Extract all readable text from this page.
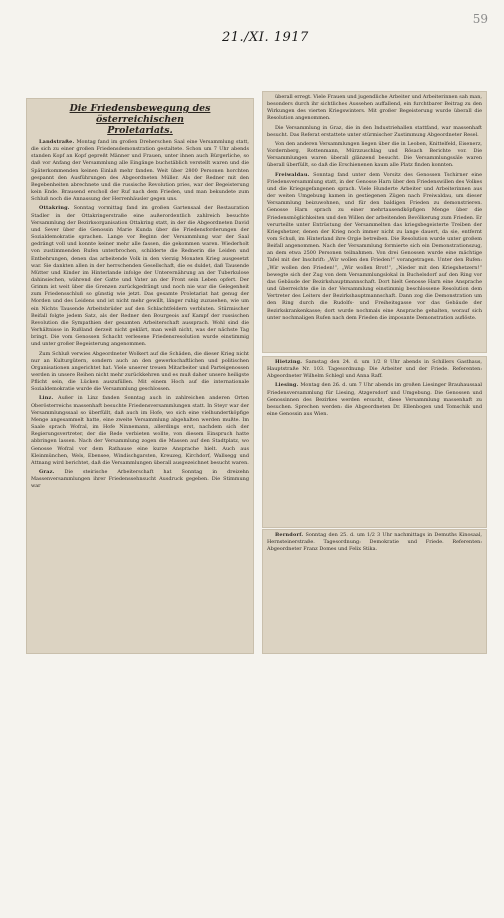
59
21./XI. 1917
Die Friedensbewegung des österreichischen
Proletariats.

Landstraße. Montag fand im großen Dreherschen Saal eine Versammlung statt, die sich zu einer großen Friedensdemonstration gestaltete. Schon um 7 Uhr abends standen Kopf an Kopf gepreßt Männer und Frauen, unter ihnen auch Bürgerliche, so daß vor Anfang der Versammlung alle Eingänge buchstäblich verstellt waren und die Späterkommenden keinen Einlaß mehr fanden. Weit über 2800 Personen horchten gespannt den Ausführungen des Abgeordneten Müller. Als der Redner mit den Begebenheiten abrechnete und die russische Revolution pries, war der Begeisterung kein Ende. Brausend erscholl der Ruf nach dem Frieden, und man bekundete zum Schluß noch die Annassung der Herrenhäusler gegen uns.

Ottakring. Sonntag vormittag fand im großen Gartensaal der Restauration Stadler in der Ottakringerstraße eine außerordentlich zahlreich besuchte Versammlung der Bezirksorganisation Ottakring statt, in der die Abgeordneten David und Sever über die Genossin Marie Kunda über die Friedensforderungen der Sozialdemokratie sprachen. Lange vor Beginn der Versammlung war der Saal gedrängt voll und konnte keiner mehr alle fassen, die gekommen waren. Wiederholt von zustimmenden Rufen unterbrochen, schilderte die Rednerin die Leiden und Entbehrungen, denen das arbeitende Volk in den vierzig Monaten Krieg ausgesetzt war. Sie dankten allen in der herrschenden Gesellschaft, die es duldet, daß Tausende Mütter und Kinder im Hinterlande infolge der Unterernährung an der Tuberkulose dahinsiechen, während der Gatte und Vater an der Front sein Leben opfert. Der Grimm ist weit über die Grenzen zurückgedrängt und noch nie war die Gelegenheit zum Friedensschluß so günstig wie jetzt. Das gesamte Proletariat hat genug der Morden und des Leidens und ist nicht mehr gewillt, länger ruhig zuzusehen, wie um ein Nichts Tausende Arbeitsbrüder auf den Schlachtfeldern verbluten. Stürmischer Beifall folgte jedem Satz, als der Redner den Bourgeois auf Kampf der russischen Revolution die Sympathien der gesamten Arbeiterschaft aussprach. Wohl sind die Verhältnisse in Rußland derzeit nicht geklärt, man weiß nicht, was der nächste Tag bringt. Die vom Genossen Schacht verlesene Friedensresolution wurde einstimmig und unter großer Begeisterung angenommen.

Zum Schluß verwies Abgeordneter Wolkert auf die Schäden, die dieser Krieg nicht nur an Kulturgütern, sondern auch an den gewerkschaftlichen und politischen Organisationen angerichtet hat. Viele unserer treuen Mitarbeiter und Parteigenossen werden in unsere Reihen nicht mehr zurückkehren und es muß daher unsere heiligste Pflicht sein, die Lücken auszufüllen. Mit einem Hoch auf die internationale Sozialdemokratie wurde die Versammlung geschlossen.

Linz. Außer in Linz fanden Sonntag auch in zahlreichen anderen Orten Oberösterreichs massenhaft besuchte Friedensversammlungen statt. In Steyr war der Versammlungssaal so überfüllt, daß auch im Hofe, wo sich eine vielhundertköpfige Menge angesammelt hatte, eine zweite Versammlung abgehalten werden mußte. Im Saale sprach Wofral, im Hofe Ninnemann, allerdings erst, nachdem sich der Regierungsvertreter, der die Rede verbieten wollte, von diesem Einspruch hatte abbringen lassen. Nach der Versammlung zogen die Massen auf den Stadtplatz, wo Genosse Wofral vor dem Rathause eine kurze Ansprache hielt. Auch aus Kleinmünchen, Wels, Ebensee, Windischgarsten, Kreuzeg, Kirchdorf, Wallsegg und Attnang wird berichtet, daß die Versammlungen überall ausgezeichnet besucht waren.

Graz. Die steirische Arbeiterschaft hat Sonntag in dreizehn Massenversammlungen ihrer Friedenssehnsucht Ausdruck gegeben. Die Stimmung war

überall erregt. Viele Frauen und jugendliche Arbeiter und Arbeiterinnen sah man, besonders durch ihr sichtliches Aussehen auffallend, ein furchtbarer Beitrag zu den Wirkungen des vierten Kriegswinters. Mit großer Begeisterung wurde überall die Resolution angenommen.

Die Versammlung in Graz, die in den Industriehallen stattfand, war massenhaft besucht. Das Referat erstattete unter stürmischer Zustimmung Abgeordneter Resel.

Von den anderen Versammlungen liegen über die in Leoben, Knittelfeld, Eisenerz, Vordernberg, Rottenmann, Mürzzuschlag und Rösach Berichte vor. Die Versammlungen waren überall glänzend besucht. Die Versammlungssäle waren überall überfüllt, so daß die Erschienenen kaum alle Platz finden konnten.

Freiwaldau. Sonntag fand unter dem Vorsitz des Genossen Tschirner eine Friedensversammlung statt, in der Genosse Harn über den Friedenswillen des Volkes und die Kriegsgefangenen sprach. Viele Hunderte Arbeiter und Arbeiterinnen aus der weiten Umgebung kamen in gestiegenen Zügen nach Freiwaldau, um dieser Versammlung beizuwohnen, und für den baldigen Frieden zu demonstrieren. Genosse Harn sprach zu einer mehrtausendköpfigen Menge über die Friedensmöglichkeiten und den Willen der arbeitenden Bevölkerung zum Frieden. Er verurteilte unter Entrüstung der Versammelten das kriegsbegeisterte Treiben der Kriegshetzer, denen der Krieg noch immer nicht zu lange dauert, da sie, entfernt vom Schuß, im Hinterland ihre Orgie betreiben. Die Resolution wurde unter großem Beifall angenommen. Nach der Versammlung formierte sich ein Demonstrationszug, an dem etwa 2500 Personen teilnahmen. Von drei Genossen wurde eine mächtige Tafel mit der Inschrift: „Wir wollen den Frieden!“ vorangetragen. Unter den Rufen: „Wir wollen den Frieden!“, „Wir wollen Brot!“, „Nieder mit den Kriegshetzern!“ bewegte sich der Zug von dem Versammlungslokal in Buchelsdorf auf den Ring vor das Gebäude der Bezirkshauptmannschaft. Dort hielt Genosse Harn eine Ansprache und überreichte die in der Versammlung einstimmig beschlossene Resolution dem Vertreter des Leiters der Bezirkshauptmannschaft. Dann zog die Demonstration um den Ring durch die Rudolfs- und Freiheitsgasse vor das Gebäude der Bezirkskrankenkasse; dort wurde nochmals eine Ansprache gehalten, worauf sich unter nochmaligen Rufen nach dem Frieden die imposante Demonstration auflöste.

Hietzing. Samstag den 24. d. um 1/2 8 Uhr abends in Schillers Gasthaus, Hauptstraße Nr. 103. Tagesordnung: Die Arbeiter und der Friede. Referenten: Abgeordneter Wilhelm Schlegl und Anna Raff.

Liesing. Montag den 26. d. um 7 Uhr abends im großen Liesinger Brauhaussaal Friedensversammlung für Liesing, Atzgersdorf und Umgebung. Die Genossen und Genossinnen des Bezirkes werden ersucht, diese Versammlung massenhaft zu besuchen. Sprechen werden: die Abgeordneten Dr. Ellenbogen und Tomschik und eine Genossin aus Wien.

Berndorf. Sonntag den 25. d. um 1/2 3 Uhr nachmittags in Demuths Kinosaal, Hernsteinerstraße. Tagesordnung: Demokratie und Friede. Referenten: Abgeordneter Franz Domes und Felix Stika.
